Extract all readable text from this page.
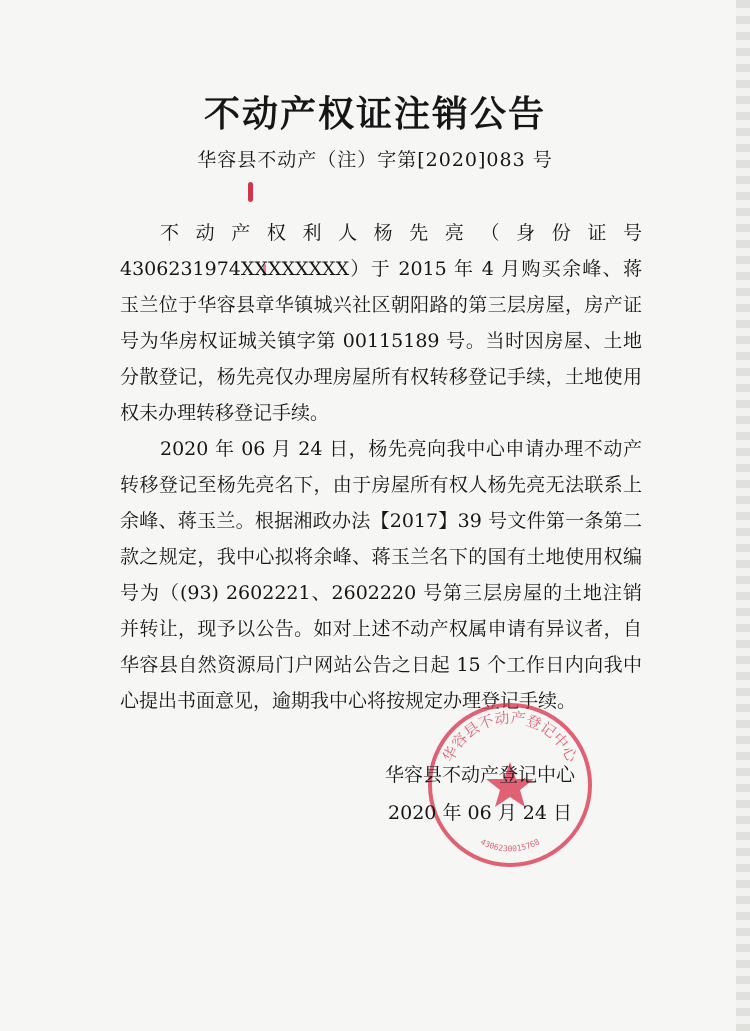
不动产权证注销公告
华容县不动产（注）字第[2020]083 号

不动产权利人杨先亮（身份证号 4306231974XXXXXXXX）于 2015 年 4 月购买余峰、蒋玉兰位于华容县章华镇城兴社区朝阳路的第三层房屋，房产证号为华房权证城关镇字第 00115189 号。当时因房屋、土地分散登记，杨先亮仅办理房屋所有权转移登记手续，土地使用权未办理转移登记手续。

2020 年 06 月 24 日，杨先亮向我中心申请办理不动产转移登记至杨先亮名下，由于房屋所有权人杨先亮无法联系上余峰、蒋玉兰。根据湘政办法【2017】39 号文件第一条第二款之规定，我中心拟将余峰、蒋玉兰名下的国有土地使用权编号为（(93) 2602221、2602220 号第三层房屋的土地注销并转让，现予以公告。如对上述不动产权属申请有异议者，自华容县自然资源局门户网站公告之日起 15 个工作日内向我中心提出书面意见，逾期我中心将按规定办理登记手续。

华容县不动产登记中心
4306230015768
华容县不动产登记中心
2020 年 06 月 24 日
